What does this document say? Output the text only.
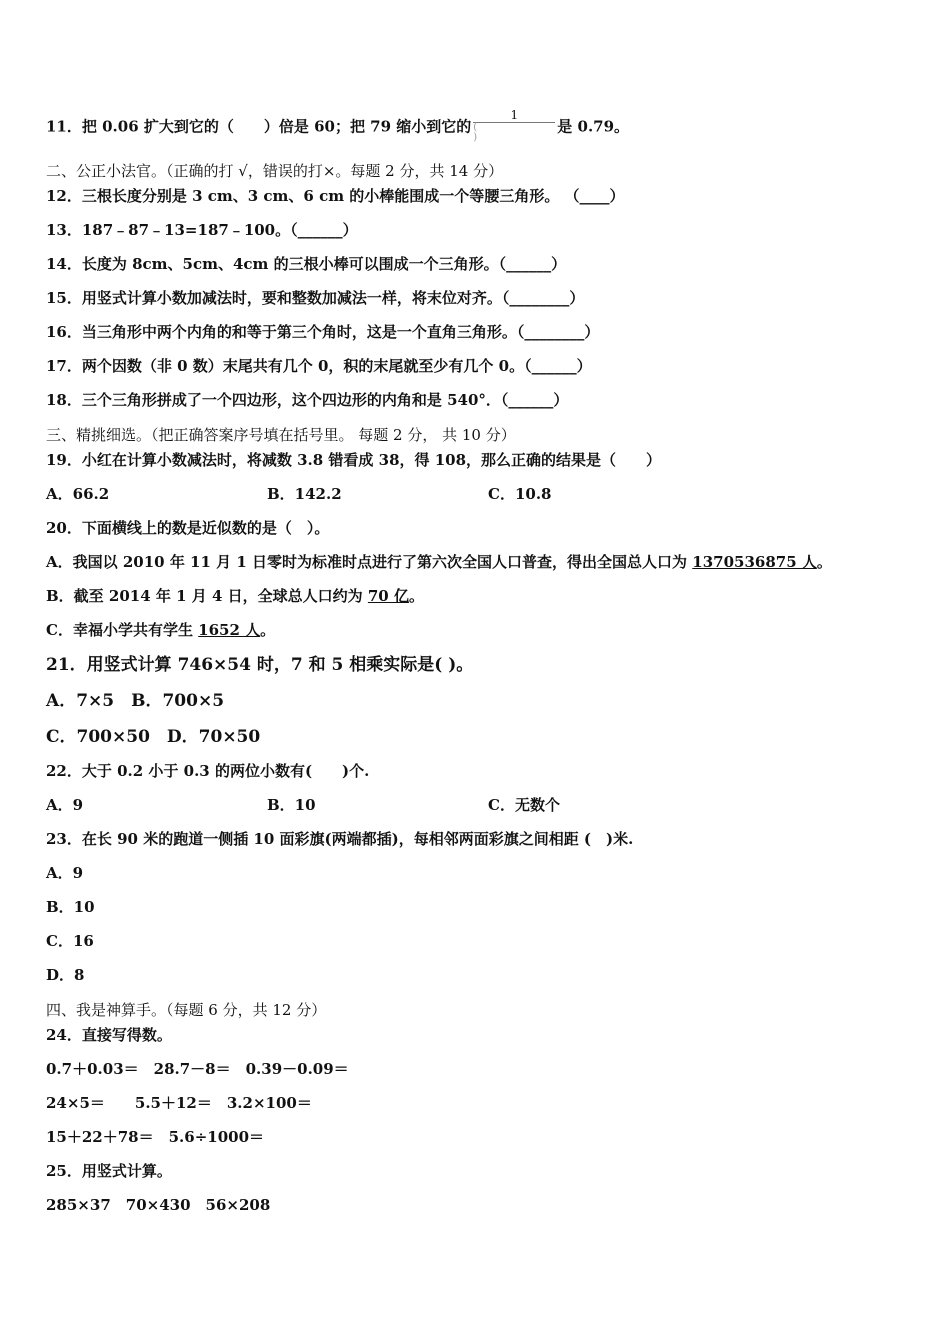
11．把 0.06 扩大到它的（　　）倍是 60；把 79 缩小到它的 1
(
) 是 0.79。
二、公正小法官。（正确的打 √，错误的打×。每题 2 分，共 14 分）
12．三根长度分别是 3 cm、3 cm、6 cm 的小棒能围成一个等腰三角形。 （____）
13．187﹣87﹣13=187﹣100。（______）
14．长度为 8cm、5cm、4cm 的三根小棒可以围成一个三角形。（______）
15．用竖式计算小数加减法时，要和整数加减法一样，将末位对齐。（________）
16．当三角形中两个内角的和等于第三个角时，这是一个直角三角形。（________）
17．两个因数（非 0 数）末尾共有几个 0，积的末尾就至少有几个 0。（______）
18．三个三角形拼成了一个四边形，这个四边形的内角和是 540°．（______）
三、精挑细选。（把正确答案序号填在括号里。 每题 2 分， 共 10 分）
19．小红在计算小数减法时，将减数 3.8 错看成 38，得 108，那么正确的结果是（　　）
A．66.2	B．142.2	C．10.8
20．下面横线上的数是近似数的是（　）。
A．我国以 2010 年 11 月 1 日零时为标准时点进行了第六次全国人口普查，得出全国总人口为 1370536875 人。
B．截至 2014 年 1 月 4 日，全球总人口约为 70 亿。
C．幸福小学共有学生 1652 人。
21．用竖式计算 746×54 时，7 和 5 相乘实际是( )。
A．7×5　B．700×5
C．700×50　D．70×50
22．大于 0.2 小于 0.3 的两位小数有(　　)个.
A．9	B．10	C．无数个
23．在长 90 米的跑道一侧插 10 面彩旗(两端都插)，每相邻两面彩旗之间相距 (　)米.
A．9
B．10
C．16
D．8
四、我是神算手。（每题 6 分，共 12 分）
24．直接写得数。
0.7＋0.03＝　28.7－8＝　0.39－0.09＝
24×5＝　　5.5＋12＝　3.2×100＝
15＋22＋78＝　5.6÷1000＝
25．用竖式计算。
285×37　70×430　56×208
